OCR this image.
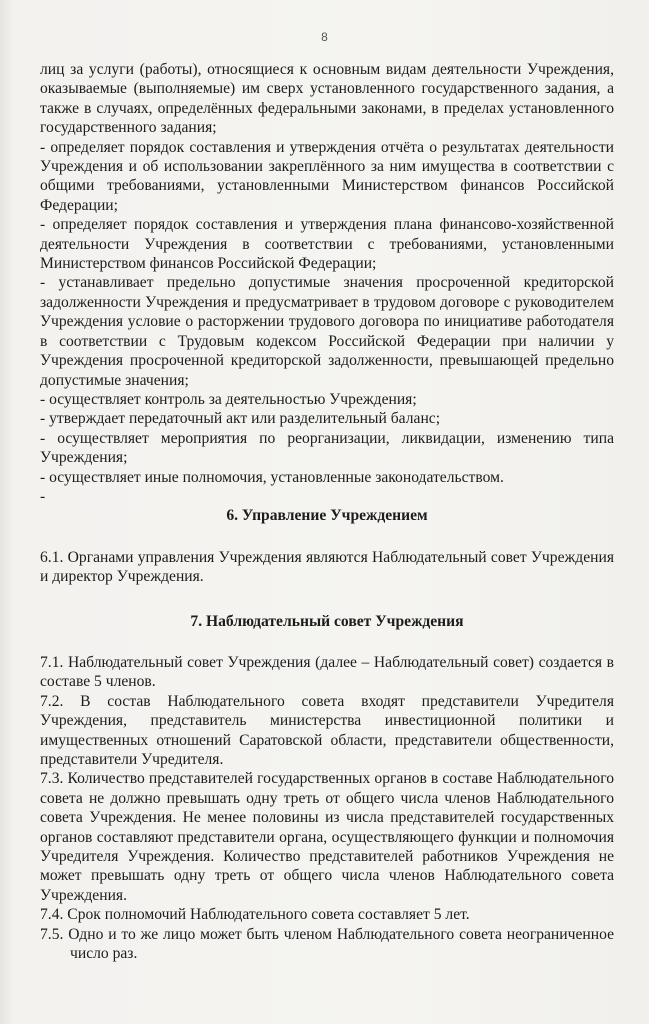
8

лиц за услуги (работы), относящиеся к основным видам деятельности Учреждения, оказываемые (выполняемые) им сверх установленного государственного задания, а также в случаях, определённых федеральными законами, в пределах установленного государственного задания;

- определяет порядок составления и утверждения отчёта о результатах деятельности Учреждения и об использовании закреплённого за ним имущества в соответствии с общими требованиями, установленными Министерством финансов Российской Федерации;

- определяет порядок составления и утверждения плана финансово-хозяйственной деятельности Учреждения в соответствии с требованиями, установленными Министерством финансов Российской Федерации;

- устанавливает предельно допустимые значения просроченной кредиторской задолженности Учреждения и предусматривает в трудовом договоре с руководителем Учреждения условие о расторжении трудового договора по инициативе работодателя в соответствии с Трудовым кодексом Российской Федерации при наличии у Учреждения просроченной кредиторской задолженности, превышающей предельно допустимые значения;

- осуществляет контроль за деятельностью Учреждения;

- утверждает передаточный акт или разделительный баланс;

- осуществляет мероприятия по реорганизации, ликвидации, изменению типа Учреждения;

- осуществляет иные полномочия, установленные законодательством.

-

6. Управление Учреждением

6.1. Органами управления Учреждения являются Наблюдательный совет Учреждения и директор Учреждения.

7. Наблюдательный совет Учреждения

7.1. Наблюдательный совет Учреждения (далее – Наблюдательный совет) создается в составе 5 членов.

7.2. В состав Наблюдательного совета входят представители Учредителя Учреждения, представитель министерства инвестиционной политики и имущественных отношений Саратовской области, представители общественности, представители Учредителя.

7.3. Количество представителей государственных органов в составе Наблюдательного совета не должно превышать одну треть от общего числа членов Наблюдательного совета Учреждения. Не менее половины из числа представителей государственных органов составляют представители органа, осуществляющего функции и полномочия Учредителя Учреждения. Количество представителей работников Учреждения не может превышать одну треть от общего числа членов Наблюдательного совета Учреждения.

7.4. Срок полномочий Наблюдательного совета составляет 5 лет.

7.5. Одно и то же лицо может быть членом Наблюдательного совета неограниченное число раз.
